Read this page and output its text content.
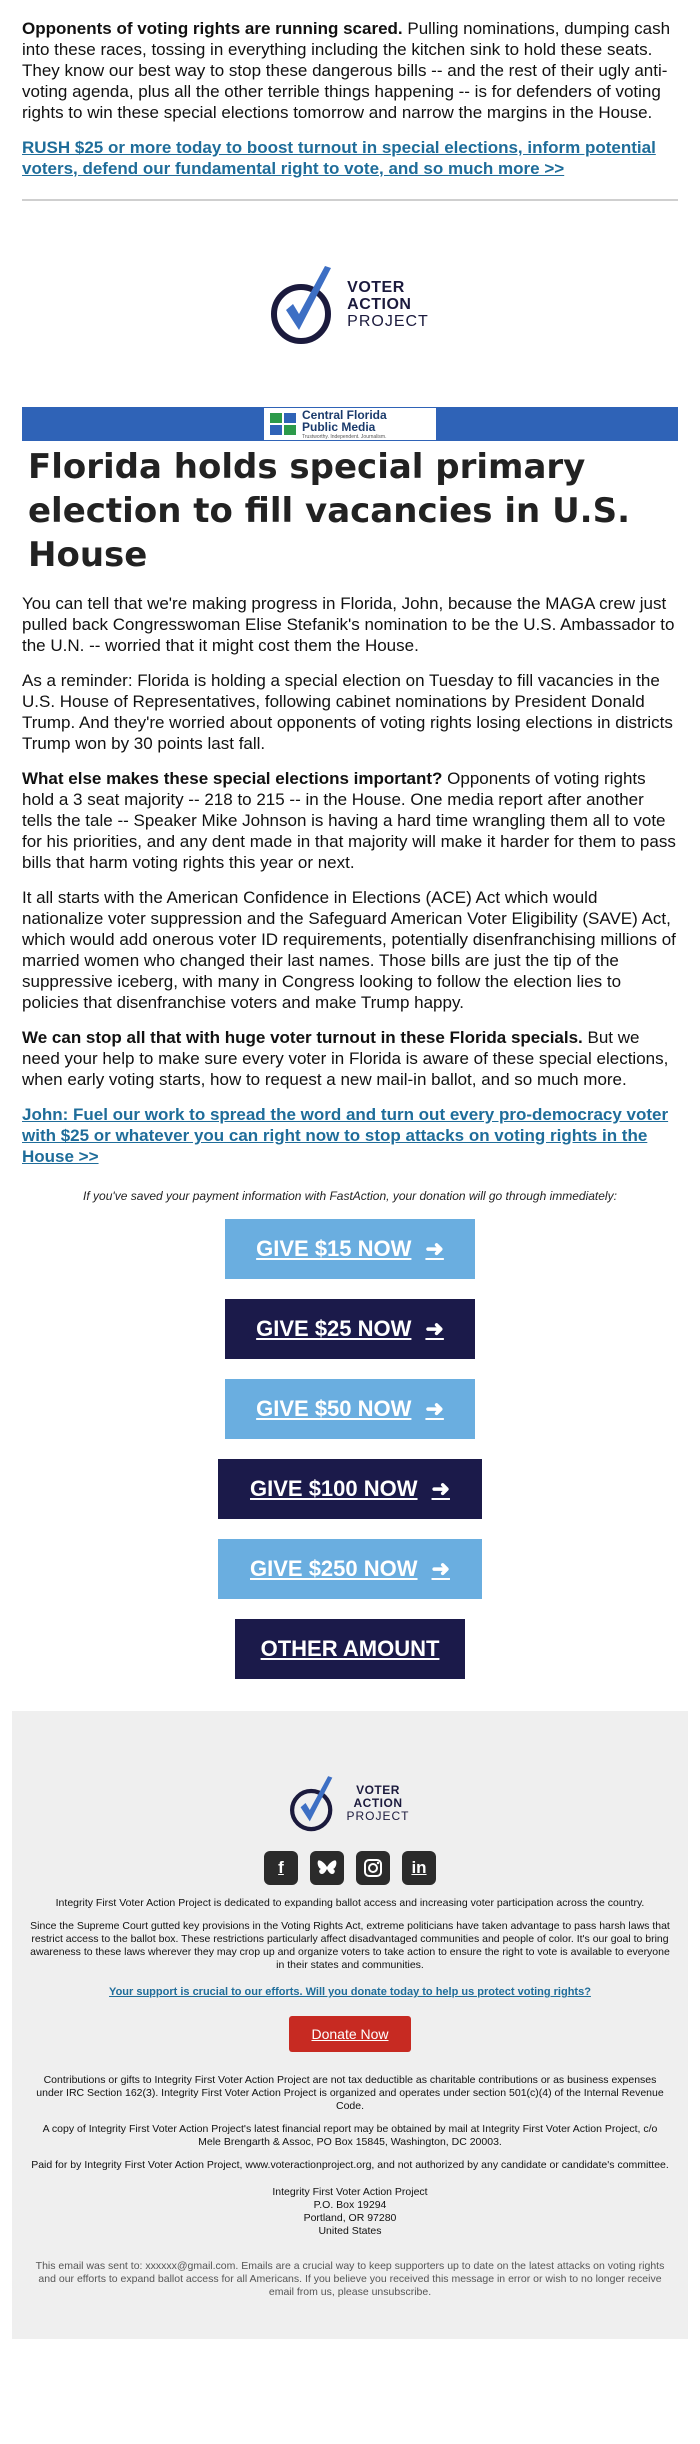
Opponents of voting rights are running scared. Pulling nominations, dumping cash into these races, tossing in everything including the kitchen sink to hold these seats. They know our best way to stop these dangerous bills -- and the rest of their ugly anti-voting agenda, plus all the other terrible things happening -- is for defenders of voting rights to win these special elections tomorrow and narrow the margins in the House.

RUSH $25 or more today to boost turnout in special elections, inform potential voters, defend our fundamental right to vote, and so much more >>
VOTER
ACTION
PROJECT
Central Florida
Public Media
Trustworthy. Independent. Journalism.
Florida holds special primary election to fill vacancies in U.S. House

You can tell that we're making progress in Florida, John, because the MAGA crew just pulled back Congresswoman Elise Stefanik's nomination to be the U.S. Ambassador to the U.N. -- worried that it might cost them the House.

As a reminder: Florida is holding a special election on Tuesday to fill vacancies in the U.S. House of Representatives, following cabinet nominations by President Donald Trump. And they're worried about opponents of voting rights losing elections in districts Trump won by 30 points last fall.

What else makes these special elections important? Opponents of voting rights hold a 3 seat majority -- 218 to 215 -- in the House. One media report after another tells the tale -- Speaker Mike Johnson is having a hard time wrangling them all to vote for his priorities, and any dent made in that majority will make it harder for them to pass bills that harm voting rights this year or next.

It all starts with the American Confidence in Elections (ACE) Act which would nationalize voter suppression and the Safeguard American Voter Eligibility (SAVE) Act, which would add onerous voter ID requirements, potentially disenfranchising millions of married women who changed their last names. Those bills are just the tip of the suppressive iceberg, with many in Congress looking to follow the election lies to policies that disenfranchise voters and make Trump happy.

We can stop all that with huge voter turnout in these Florida specials. But we need your help to make sure every voter in Florida is aware of these special elections, when early voting starts, how to request a new mail-in ballot, and so much more.

John: Fuel our work to spread the word and turn out every pro-democracy voter with $25 or whatever you can right now to stop attacks on voting rights in the House >>

If you've saved your payment information with FastAction, your donation will go through immediately:

GIVE $15 NOW ➜
GIVE $25 NOW ➜
GIVE $50 NOW ➜
GIVE $100 NOW ➜
GIVE $250 NOW ➜
OTHER AMOUNT
VOTER
ACTION
PROJECT
f	in

Integrity First Voter Action Project is dedicated to expanding ballot access and increasing voter participation across the country.

Since the Supreme Court gutted key provisions in the Voting Rights Act, extreme politicians have taken advantage to pass harsh laws that restrict access to the ballot box. These restrictions particularly affect disadvantaged communities and people of color. It's our goal to bring awareness to these laws wherever they may crop up and organize voters to take action to ensure the right to vote is available to everyone in their states and communities.

Your support is crucial to our efforts. Will you donate today to help us protect voting rights?
Donate Now

Contributions or gifts to Integrity First Voter Action Project are not tax deductible as charitable contributions or as business expenses under IRC Section 162(3). Integrity First Voter Action Project is organized and operates under section 501(c)(4) of the Internal Revenue Code.

A copy of Integrity First Voter Action Project's latest financial report may be obtained by mail at Integrity First Voter Action Project, c/o Mele Brengarth & Assoc, PO Box 15845, Washington, DC 20003.

Paid for by Integrity First Voter Action Project, www.voteractionproject.org, and not authorized by any candidate or candidate's committee.

Integrity First Voter Action Project

P.O. Box 19294

Portland, OR 97280

United States

This email was sent to: xxxxxx@gmail.com. Emails are a crucial way to keep supporters up to date on the latest attacks on voting rights and our efforts to expand ballot access for all Americans. If you believe you received this message in error or wish to no longer receive email from us, please unsubscribe.
